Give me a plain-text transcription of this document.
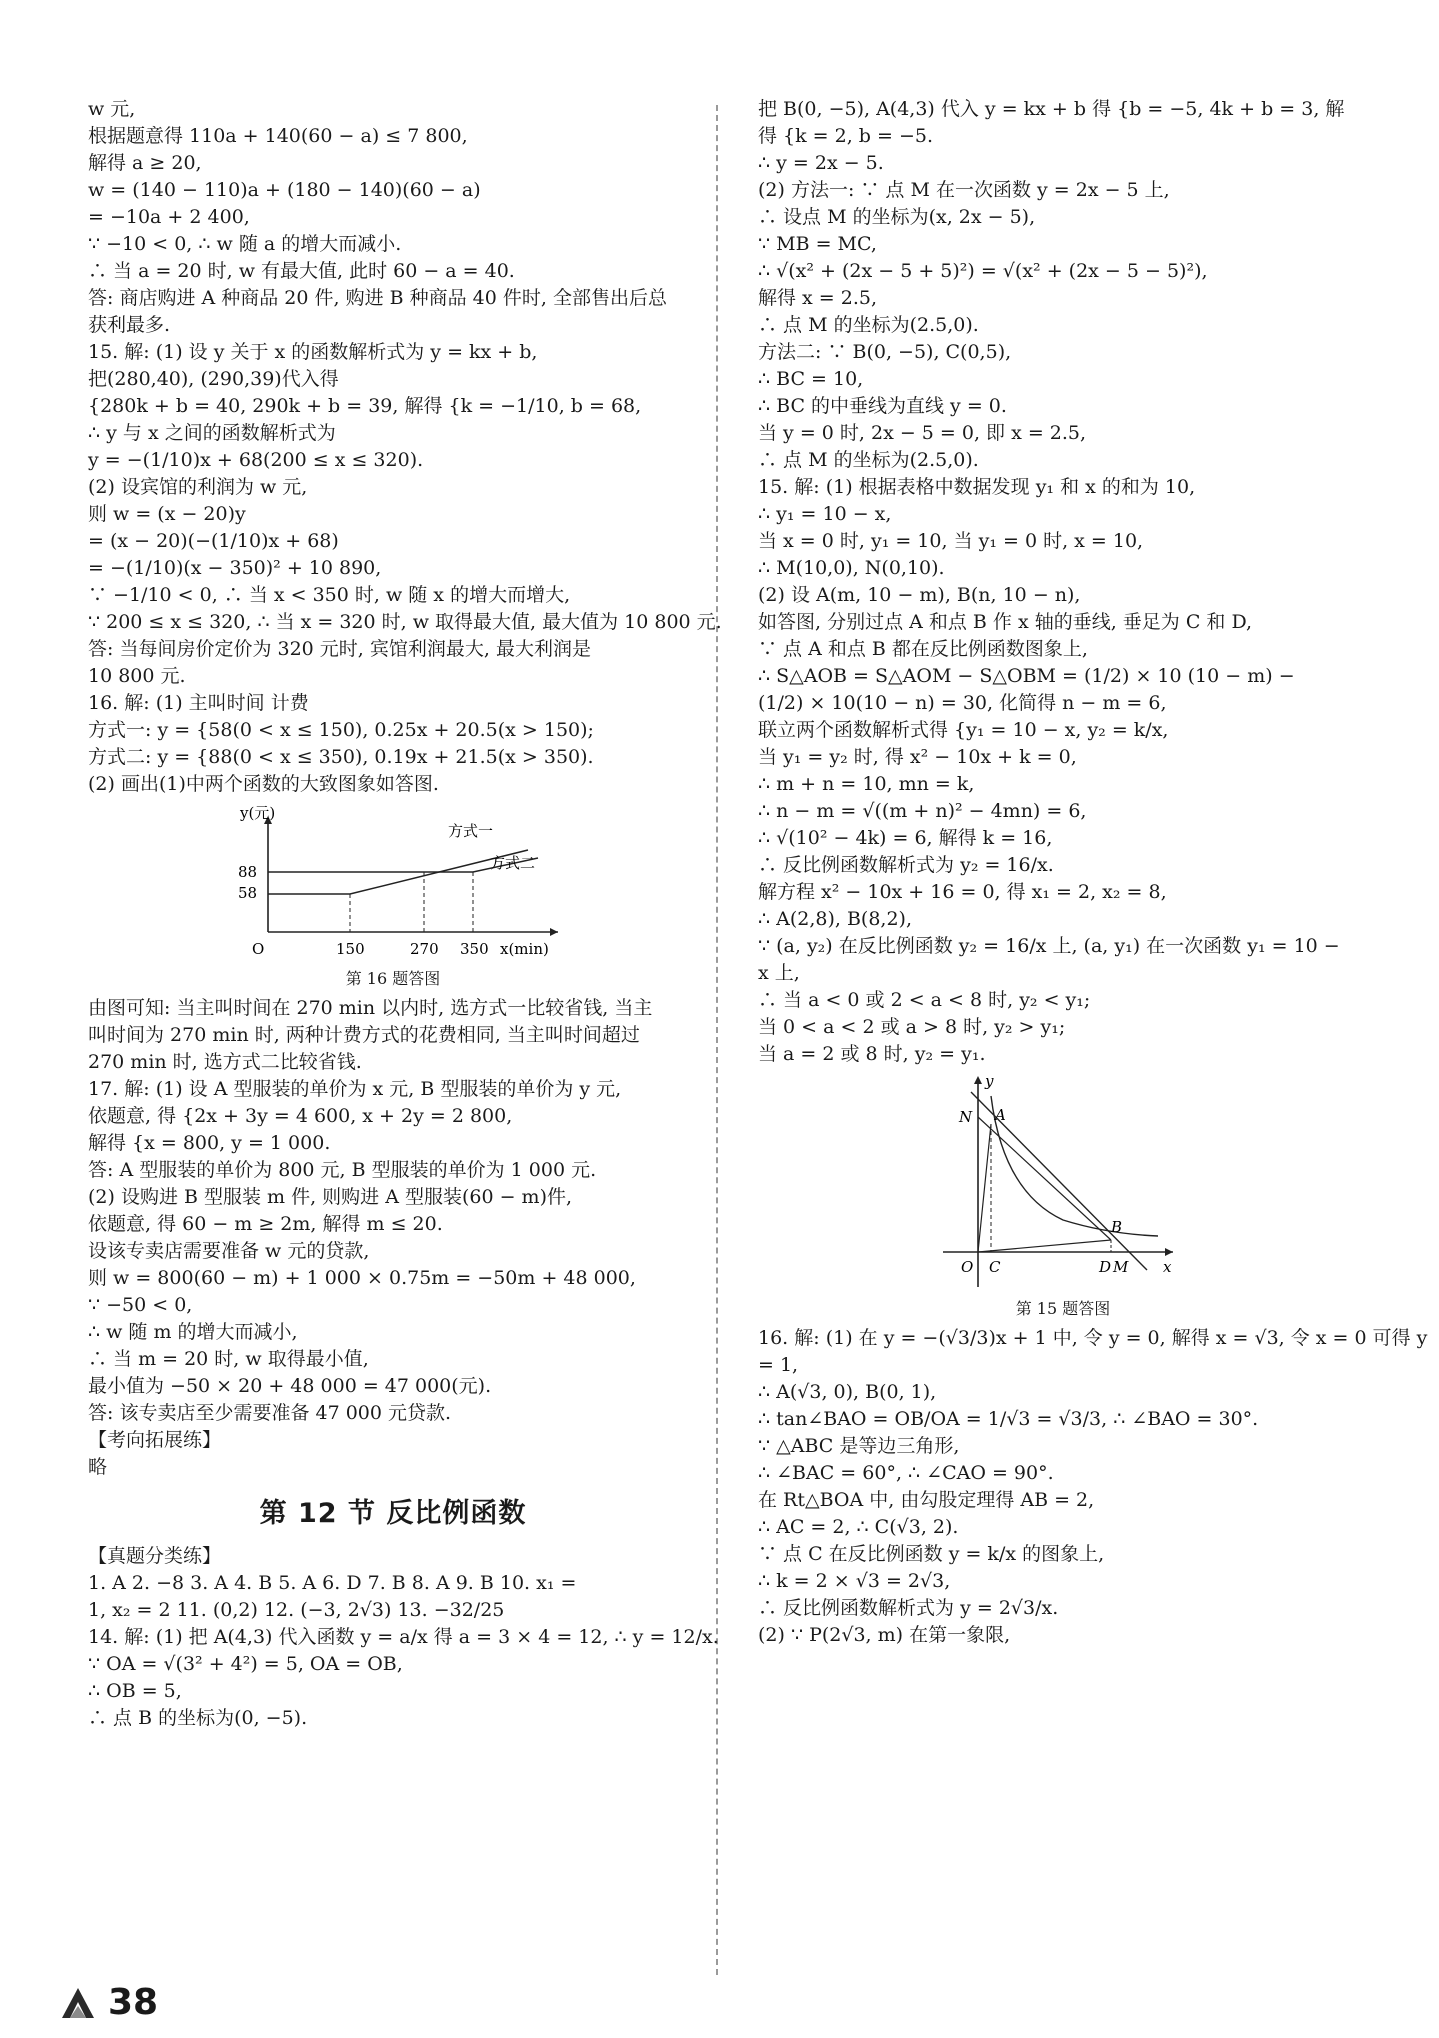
w 元,
根据题意得 110a + 140(60 − a) ≤ 7 800,
解得 a ≥ 20,
w = (140 − 110)a + (180 − 140)(60 − a)
= −10a + 2 400,
∵ −10 < 0, ∴ w 随 a 的增大而减小.
∴ 当 a = 20 时, w 有最大值, 此时 60 − a = 40.
答: 商店购进 A 种商品 20 件, 购进 B 种商品 40 件时, 全部售出后总
获利最多.
15. 解: (1) 设 y 关于 x 的函数解析式为 y = kx + b,
把(280,40), (290,39)代入得
{280k + b = 40, 290k + b = 39, 解得 {k = −1/10, b = 68,
∴ y 与 x 之间的函数解析式为
y = −(1/10)x + 68(200 ≤ x ≤ 320).
(2) 设宾馆的利润为 w 元,
则 w = (x − 20)y
= (x − 20)(−(1/10)x + 68)
= −(1/10)(x − 350)² + 10 890,
∵ −1/10 < 0, ∴ 当 x < 350 时, w 随 x 的增大而增大,
∵ 200 ≤ x ≤ 320, ∴ 当 x = 320 时, w 取得最大值, 最大值为 10 800 元.
答: 当每间房价定价为 320 元时, 宾馆利润最大, 最大利润是
10 800 元.
16. 解: (1) 主叫时间 计费
方式一: y = {58(0 < x ≤ 150), 0.25x + 20.5(x > 150);
方式二: y = {88(0 < x ≤ 350), 0.19x + 21.5(x > 350).
(2) 画出(1)中两个函数的大致图象如答图.
y(元)
x(min)
O
88
58
150	270 350
方式一
方式二
第 16 题答图
由图可知: 当主叫时间在 270 min 以内时, 选方式一比较省钱, 当主
叫时间为 270 min 时, 两种计费方式的花费相同, 当主叫时间超过
270 min 时, 选方式二比较省钱.
17. 解: (1) 设 A 型服装的单价为 x 元, B 型服装的单价为 y 元,
依题意, 得 {2x + 3y = 4 600, x + 2y = 2 800,
解得 {x = 800, y = 1 000.
答: A 型服装的单价为 800 元, B 型服装的单价为 1 000 元.
(2) 设购进 B 型服装 m 件, 则购进 A 型服装(60 − m)件,
依题意, 得 60 − m ≥ 2m, 解得 m ≤ 20.
设该专卖店需要准备 w 元的贷款,
则 w = 800(60 − m) + 1 000 × 0.75m = −50m + 48 000,
∵ −50 < 0,
∴ w 随 m 的增大而减小,
∴ 当 m = 20 时, w 取得最小值,
最小值为 −50 × 20 + 48 000 = 47 000(元).
答: 该专卖店至少需要准备 47 000 元贷款.
【考向拓展练】
略
第 12 节 反比例函数
【真题分类练】
1. A 2. −8 3. A 4. B 5. A 6. D 7. B 8. A 9. B 10. x₁ =
1, x₂ = 2 11. (0,2) 12. (−3, 2√3) 13. −32/25
14. 解: (1) 把 A(4,3) 代入函数 y = a/x 得 a = 3 × 4 = 12, ∴ y = 12/x.
∵ OA = √(3² + 4²) = 5, OA = OB,
∴ OB = 5,
∴ 点 B 的坐标为(0, −5).
把 B(0, −5), A(4,3) 代入 y = kx + b 得 {b = −5, 4k + b = 3, 解
得 {k = 2, b = −5.
∴ y = 2x − 5.
(2) 方法一: ∵ 点 M 在一次函数 y = 2x − 5 上,
∴ 设点 M 的坐标为(x, 2x − 5),
∵ MB = MC,
∴ √(x² + (2x − 5 + 5)²) = √(x² + (2x − 5 − 5)²),
解得 x = 2.5,
∴ 点 M 的坐标为(2.5,0).
方法二: ∵ B(0, −5), C(0,5),
∴ BC = 10,
∴ BC 的中垂线为直线 y = 0.
当 y = 0 时, 2x − 5 = 0, 即 x = 2.5,
∴ 点 M 的坐标为(2.5,0).
15. 解: (1) 根据表格中数据发现 y₁ 和 x 的和为 10,
∴ y₁ = 10 − x,
当 x = 0 时, y₁ = 10, 当 y₁ = 0 时, x = 10,
∴ M(10,0), N(0,10).
(2) 设 A(m, 10 − m), B(n, 10 − n),
如答图, 分别过点 A 和点 B 作 x 轴的垂线, 垂足为 C 和 D,
∵ 点 A 和点 B 都在反比例函数图象上,
∴ S△AOB = S△AOM − S△OBM = (1/2) × 10 (10 − m) −
(1/2) × 10(10 − n) = 30, 化简得 n − m = 6,
联立两个函数解析式得 {y₁ = 10 − x, y₂ = k/x,
当 y₁ = y₂ 时, 得 x² − 10x + k = 0,
∴ m + n = 10, mn = k,
∴ n − m = √((m + n)² − 4mn) = 6,
∴ √(10² − 4k) = 6, 解得 k = 16,
∴ 反比例函数解析式为 y₂ = 16/x.
解方程 x² − 10x + 16 = 0, 得 x₁ = 2, x₂ = 8,
∴ A(2,8), B(8,2),
∵ (a, y₂) 在反比例函数 y₂ = 16/x 上, (a, y₁) 在一次函数 y₁ = 10 −
x 上,
∴ 当 a < 0 或 2 < a < 8 时, y₂ < y₁;
当 0 < a < 2 或 a > 8 时, y₂ > y₁;
当 a = 2 或 8 时, y₂ = y₁.
y
x
O
N A
B
C	D M
第 15 题答图
16. 解: (1) 在 y = −(√3/3)x + 1 中, 令 y = 0, 解得 x = √3, 令 x = 0 可得 y
= 1,
∴ A(√3, 0), B(0, 1),
∴ tan∠BAO = OB/OA = 1/√3 = √3/3, ∴ ∠BAO = 30°.
∵ △ABC 是等边三角形,
∴ ∠BAC = 60°, ∴ ∠CAO = 90°.
在 Rt△BOA 中, 由勾股定理得 AB = 2,
∴ AC = 2, ∴ C(√3, 2).
∵ 点 C 在反比例函数 y = k/x 的图象上,
∴ k = 2 × √3 = 2√3,
∴ 反比例函数解析式为 y = 2√3/x.
(2) ∵ P(2√3, m) 在第一象限,
38
